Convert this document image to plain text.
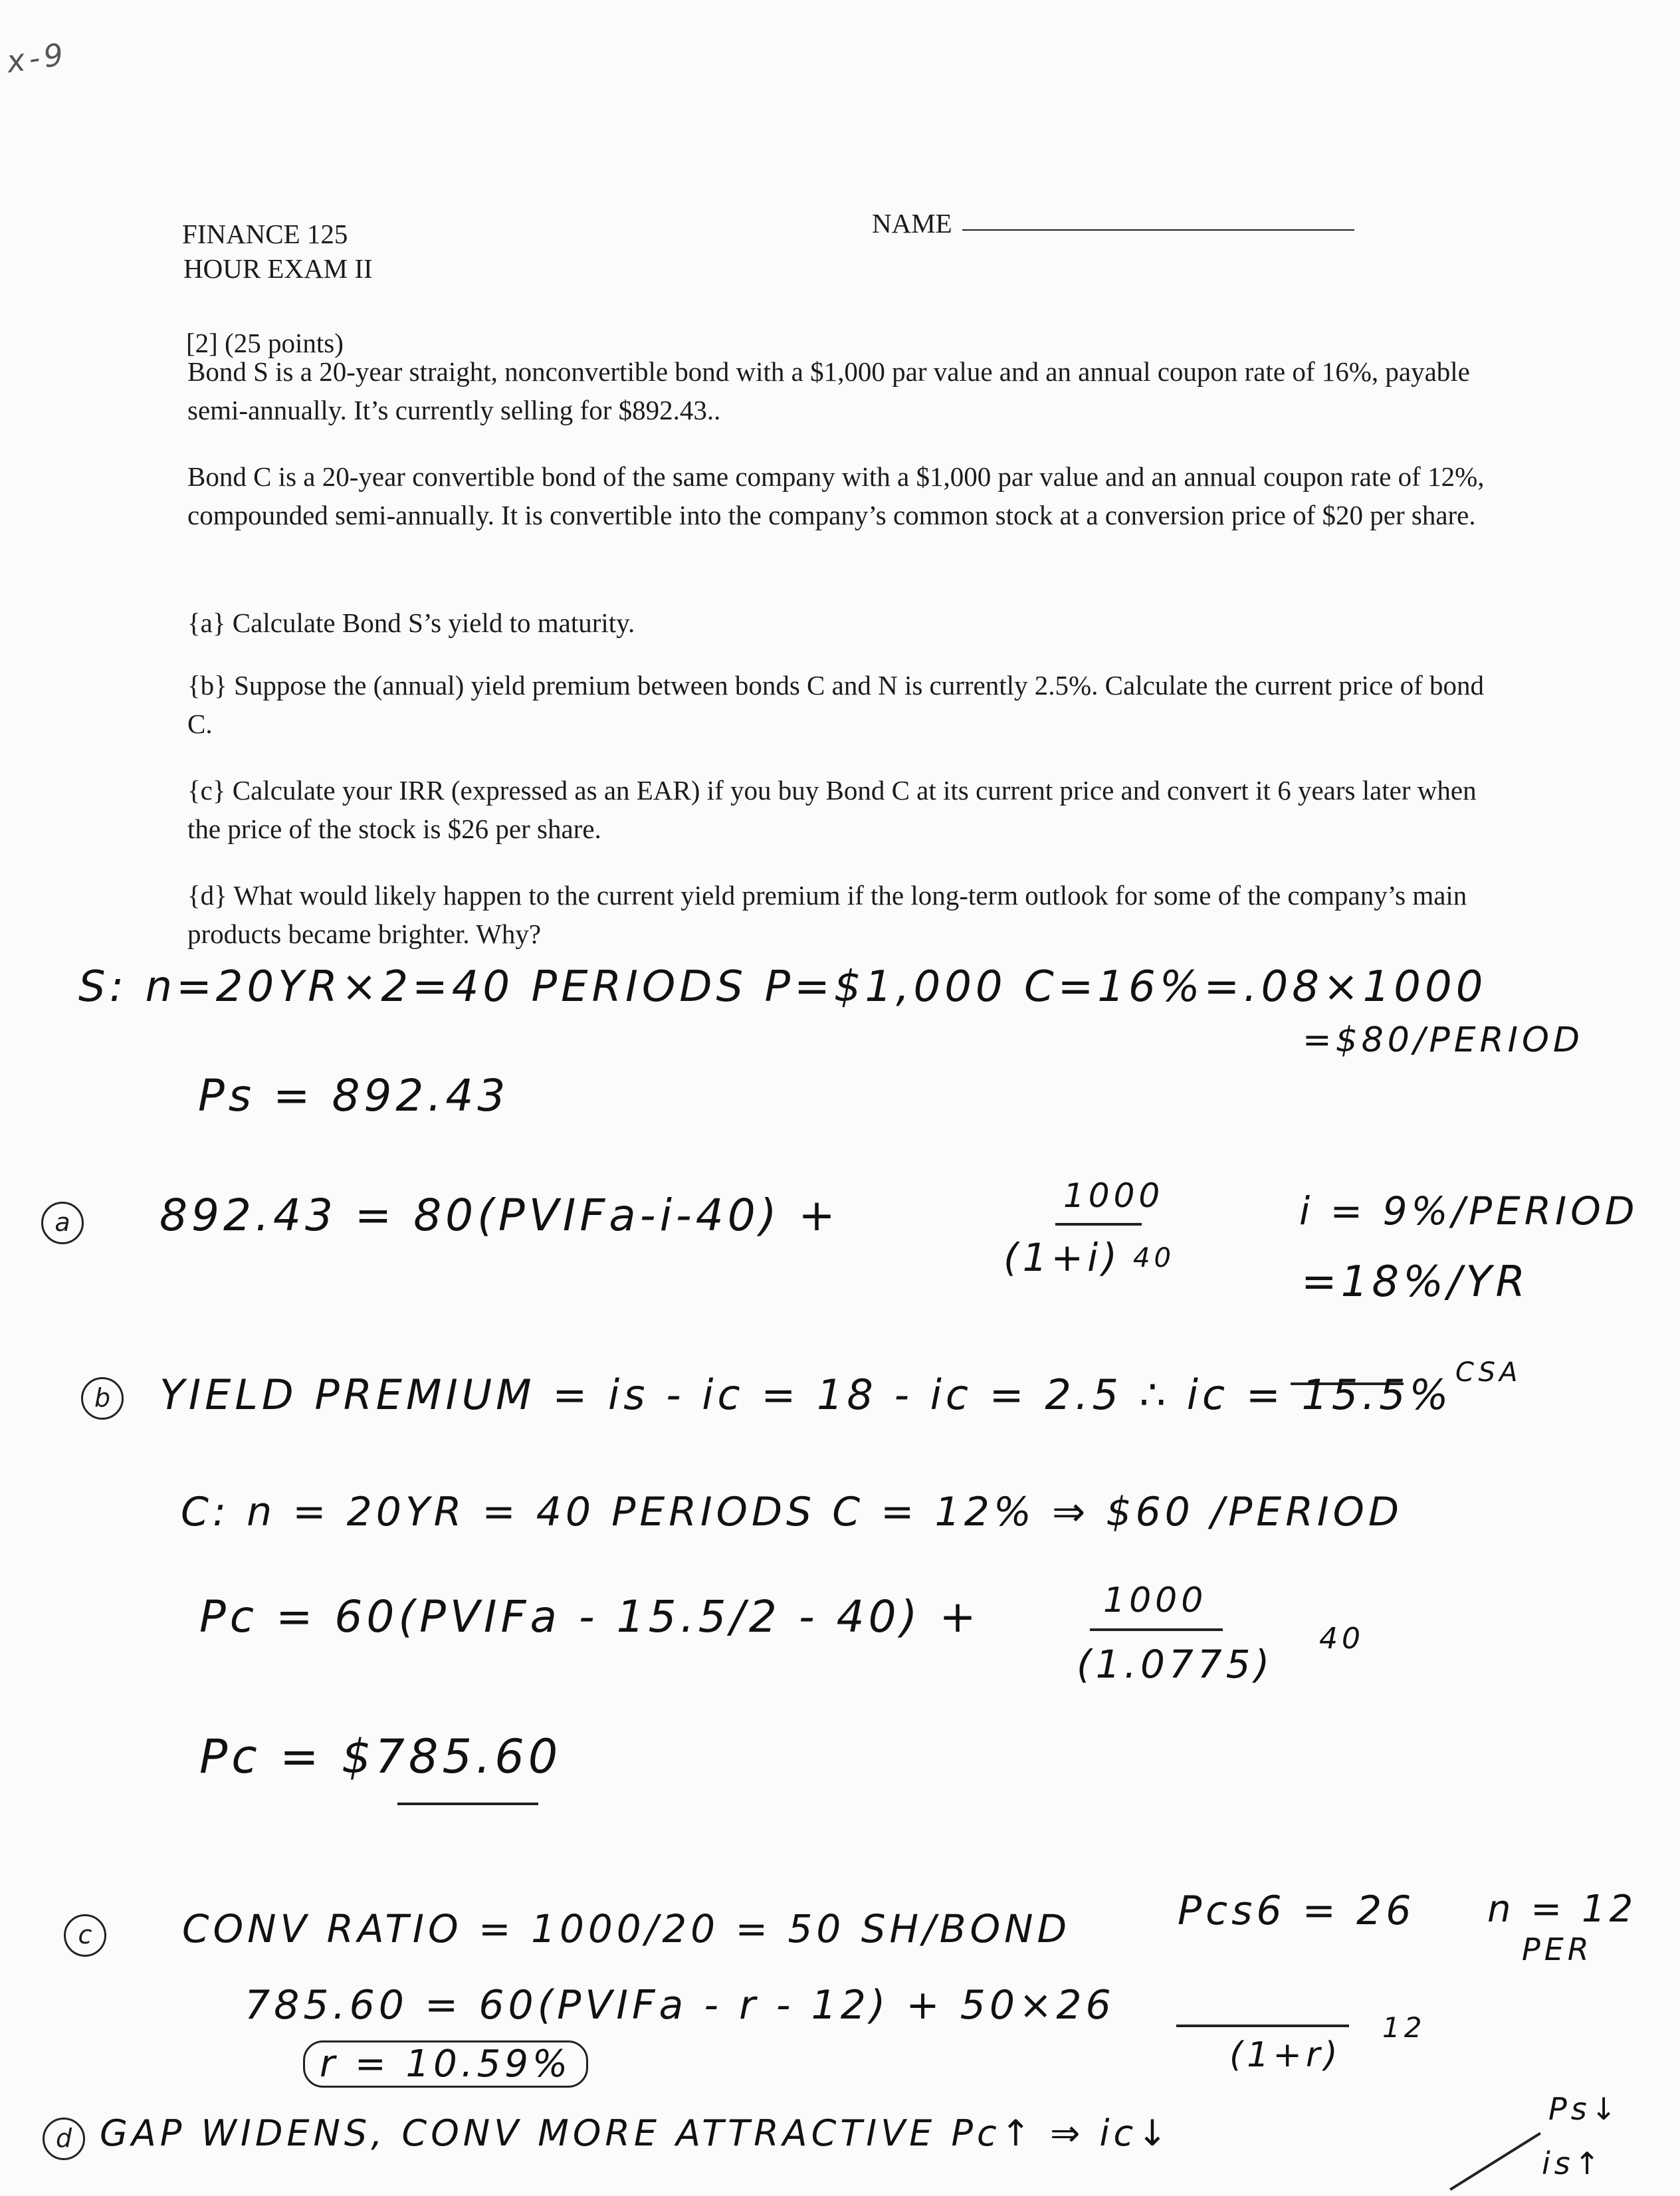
x-9
FINANCE 125
HOUR EXAM II
NAME
[2] (25 points)
Bond S is a 20-year straight, nonconvertible bond with a $1,000 par value and an annual coupon rate of 16%, payable semi-annually. It’s currently selling for $892.43..
Bond C is a 20-year convertible bond of the same company with a $1,000 par value and an annual coupon rate of 12%, compounded semi-annually. It is convertible into the company’s common stock at a conversion price of $20 per share.
{a} Calculate Bond S’s yield to maturity.
{b} Suppose the (annual) yield premium between bonds C and N is currently 2.5%. Calculate the current price of bond C.
{c} Calculate your IRR (expressed as an EAR) if you buy Bond C at its current price and convert it 6 years later when the price of the stock is $26 per share.
{d} What would likely happen to the current yield premium if the long-term outlook for some of the company’s main products became brighter. Why?
S: n=20YR×2=40 PERIODS P=$1,000 C=16%=.08×1000
=$80/PERIOD
Ps = 892.43
a	892.43 = 80(PVIFa-i-40) +	1000
(1+i) 40
i = 9%/PERIOD
=18%/YR
CSA
b	YIELD PREMIUM = is - ic = 18 - ic = 2.5 ∴ ic = 15.5%
C: n = 20YR = 40 PERIODS C = 12% ⇒ $60 /PERIOD
Pc = 60(PVIFa - 15.5/2 - 40) +	1000
(1.0775)
40
Pc = $785.60
c	CONV RATIO = 1000/20 = 50 SH/BOND	Pcs6 = 26 n = 12
PER
785.60 = 60(PVIFa - r - 12) + 50×26
(1+r)
12
r = 10.59%
d GAP WIDENS, CONV MORE ATTRACTIVE Pc↑ ⇒ ic↓
Ps↓
is↑
